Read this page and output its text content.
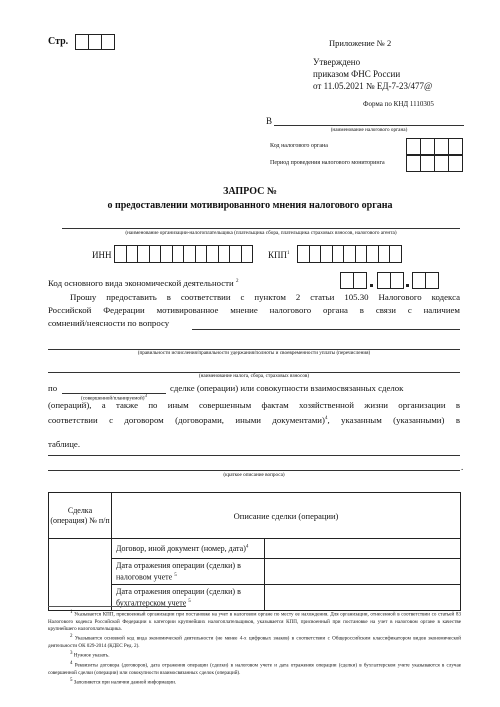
Стр.	Приложение № 2
Утверждено
приказом ФНС России
от 11.05.2021 № ЕД-7-23/477@
Форма по КНД 1110305
В
(наименование налогового органа)
Код налогового органа
Период проведения налогового мониторинга
ЗАПРОС №
о предоставлении мотивированного мнения налогового органа
(наименование организации-налогоплательщика (плательщика сбора, плательщика страховых взносов, налогового агента)
ИНН	КПП$^1$
Код основного вида экономической деятельности $^2$
Прошу предоставить в соответствии с пунктом 2 статьи 105.30 Налогового кодекса
Российской Федерации мотивированное мнение налогового органа в связи с наличием
сомнений/неясности по вопросу
(правильности исчисления/правильности удержания/полноты и своевременности уплаты (перечисления)
(наименование налога, сбора, страховых взносов)
по
(совершенной/планируемой)3
сделке (операции) или совокупности взаимосвязанных сделок
(операций), а также по иным совершенным фактам хозяйственной жизни организации в
соответствии с договором (договорами, иными документами)$^4$, указанным (указанными) в
таблице.
.
(краткое описание вопроса)
Сделка (операция) № п/п	Описание сделки (операции)	
	Договор, иной документ (номер, дата)$^4$	
	Дата отражения операции (сделки) в налоговом учете $^5$	
	Дата отражения операции (сделки) в бухгалтерском учете $^5$	
1 Указывается КПП, присвоенный организации при постановке на учет в налоговом органе по месту ее нахождения. Для организации, отнесенной в соответствии со статьей 83 Налогового кодекса Российской Федерации к категории крупнейших налогоплательщиков, указывается КПП, присвоенный при постановке на учет в налоговом органе в качестве крупнейшего налогоплательщика.
2 Указывается основной код вида экономической деятельности (не менее 4-х цифровых знаков) в соответствии с Общероссийским классификатором видов экономической деятельности ОК 029-2014 (КДЕС Ред. 2).
3 Нужное указать.
4 Реквизиты договора (договоров), дата отражения операции (сделки) в налоговом учете и дата отражения операции (сделки) в бухгалтерском учете указываются в случае совершенной сделки (операции) или совокупности взаимосвязанных сделок (операций).
5 Заполняется при наличии данной информации.
